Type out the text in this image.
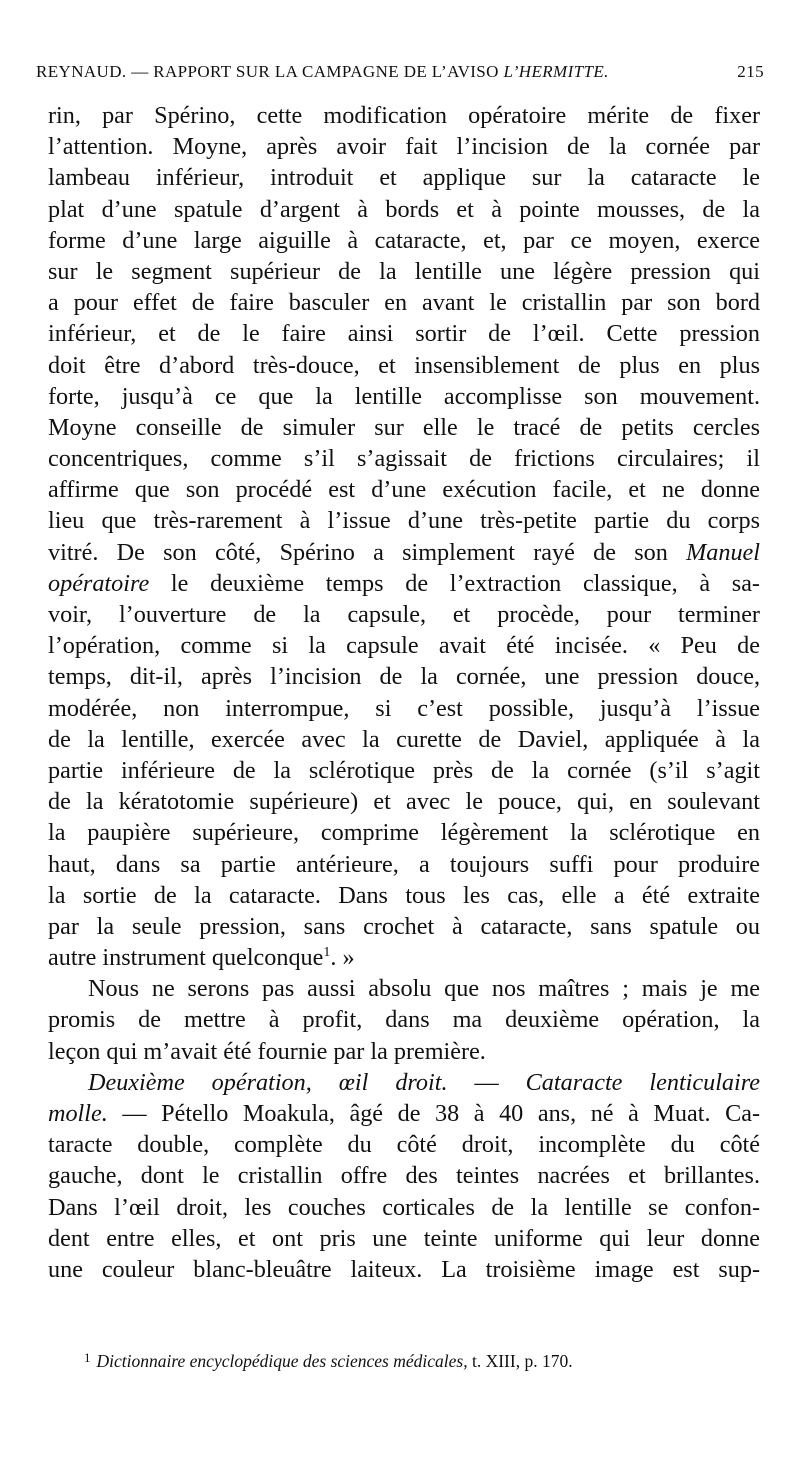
REYNAUD. — RAPPORT SUR LA CAMPAGNE DE L’AVISO L’HERMITTE.	215
rin, par Spérino, cette modification opératoire mérite de fixer
l’attention. Moyne, après avoir fait l’incision de la cornée par
lambeau inférieur, introduit et applique sur la cataracte le
plat d’une spatule d’argent à bords et à pointe mousses, de la
forme d’une large aiguille à cataracte, et, par ce moyen, exerce
sur le segment supérieur de la lentille une légère pression qui
a pour effet de faire basculer en avant le cristallin par son bord
inférieur, et de le faire ainsi sortir de l’œil. Cette pression
doit être d’abord très-douce, et insensiblement de plus en plus
forte, jusqu’à ce que la lentille accomplisse son mouvement.
Moyne conseille de simuler sur elle le tracé de petits cercles
concentriques, comme s’il s’agissait de frictions circulaires; il
affirme que son procédé est d’une exécution facile, et ne donne
lieu que très-rarement à l’issue d’une très-petite partie du corps
vitré. De son côté, Spérino a simplement rayé de son Manuel
opératoire le deuxième temps de l’extraction classique, à sa-
voir, l’ouverture de la capsule, et procède, pour terminer
l’opération, comme si la capsule avait été incisée. « Peu de
temps, dit-il, après l’incision de la cornée, une pression douce,
modérée, non interrompue, si c’est possible, jusqu’à l’issue
de la lentille, exercée avec la curette de Daviel, appliquée à la
partie inférieure de la sclérotique près de la cornée (s’il s’agit
de la kératotomie supérieure) et avec le pouce, qui, en soulevant
la paupière supérieure, comprime légèrement la sclérotique en
haut, dans sa partie antérieure, a toujours suffi pour produire
la sortie de la cataracte. Dans tous les cas, elle a été extraite
par la seule pression, sans crochet à cataracte, sans spatule ou
autre instrument quelconque$^1$. »
Nous ne serons pas aussi absolu que nos maîtres ; mais je me
promis de mettre à profit, dans ma deuxième opération, la
leçon qui m’avait été fournie par la première.
Deuxième opération, œil droit. — Cataracte lenticulaire
molle. — Pétello Moakula, âgé de 38 à 40 ans, né à Muat. Ca-
taracte double, complète du côté droit, incomplète du côté
gauche, dont le cristallin offre des teintes nacrées et brillantes.
Dans l’œil droit, les couches corticales de la lentille se confon-
dent entre elles, et ont pris une teinte uniforme qui leur donne
une couleur blanc-bleuâtre laiteux. La troisième image est sup-
$^1$ Dictionnaire encyclopédique des sciences médicales, t. XIII, p. 170.
